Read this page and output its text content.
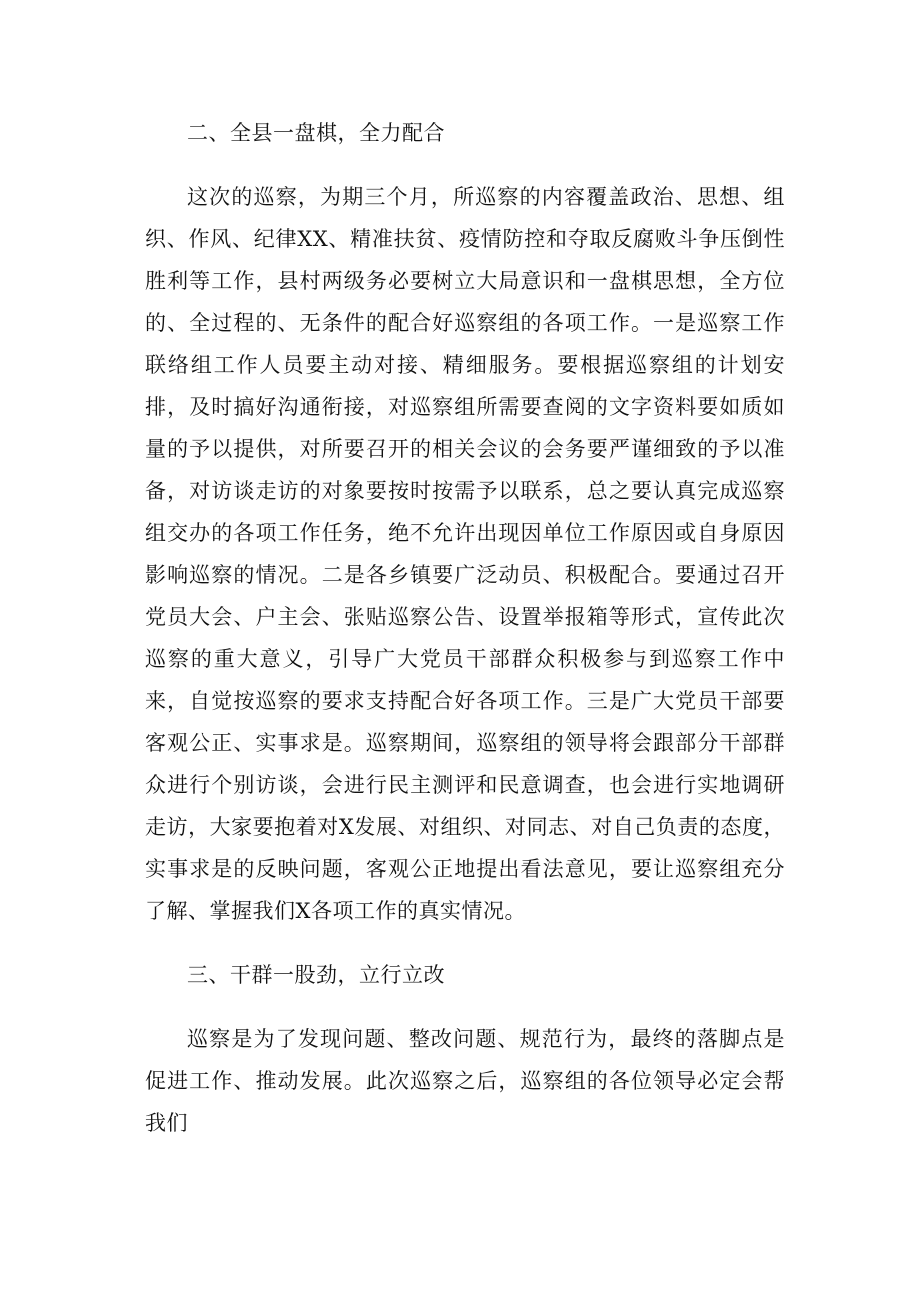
二、全县一盘棋，全力配合

这次的巡察，为期三个月，所巡察的内容覆盖政治、思想、组织、作风、纪律XX、精准扶贫、疫情防控和夺取反腐败斗争压倒性胜利等工作，县村两级务必要树立大局意识和一盘棋思想，全方位的、全过程的、无条件的配合好巡察组的各项工作。一是巡察工作联络组工作人员要主动对接、精细服务。要根据巡察组的计划安排，及时搞好沟通衔接，对巡察组所需要查阅的文字资料要如质如量的予以提供，对所要召开的相关会议的会务要严谨细致的予以准备，对访谈走访的对象要按时按需予以联系，总之要认真完成巡察组交办的各项工作任务，绝不允许出现因单位工作原因或自身原因影响巡察的情况。二是各乡镇要广泛动员、积极配合。要通过召开党员大会、户主会、张贴巡察公告、设置举报箱等形式，宣传此次巡察的重大意义，引导广大党员干部群众积极参与到巡察工作中来，自觉按巡察的要求支持配合好各项工作。三是广大党员干部要客观公正、实事求是。巡察期间，巡察组的领导将会跟部分干部群众进行个别访谈，会进行民主测评和民意调查，也会进行实地调研走访，大家要抱着对X发展、对组织、对同志、对自己负责的态度，实事求是的反映问题，客观公正地提出看法意见，要让巡察组充分了解、掌握我们X各项工作的真实情况。

三、干群一股劲，立行立改

巡察是为了发现问题、整改问题、规范行为，最终的落脚点是促进工作、推动发展。此次巡察之后，巡察组的各位领导必定会帮我们
